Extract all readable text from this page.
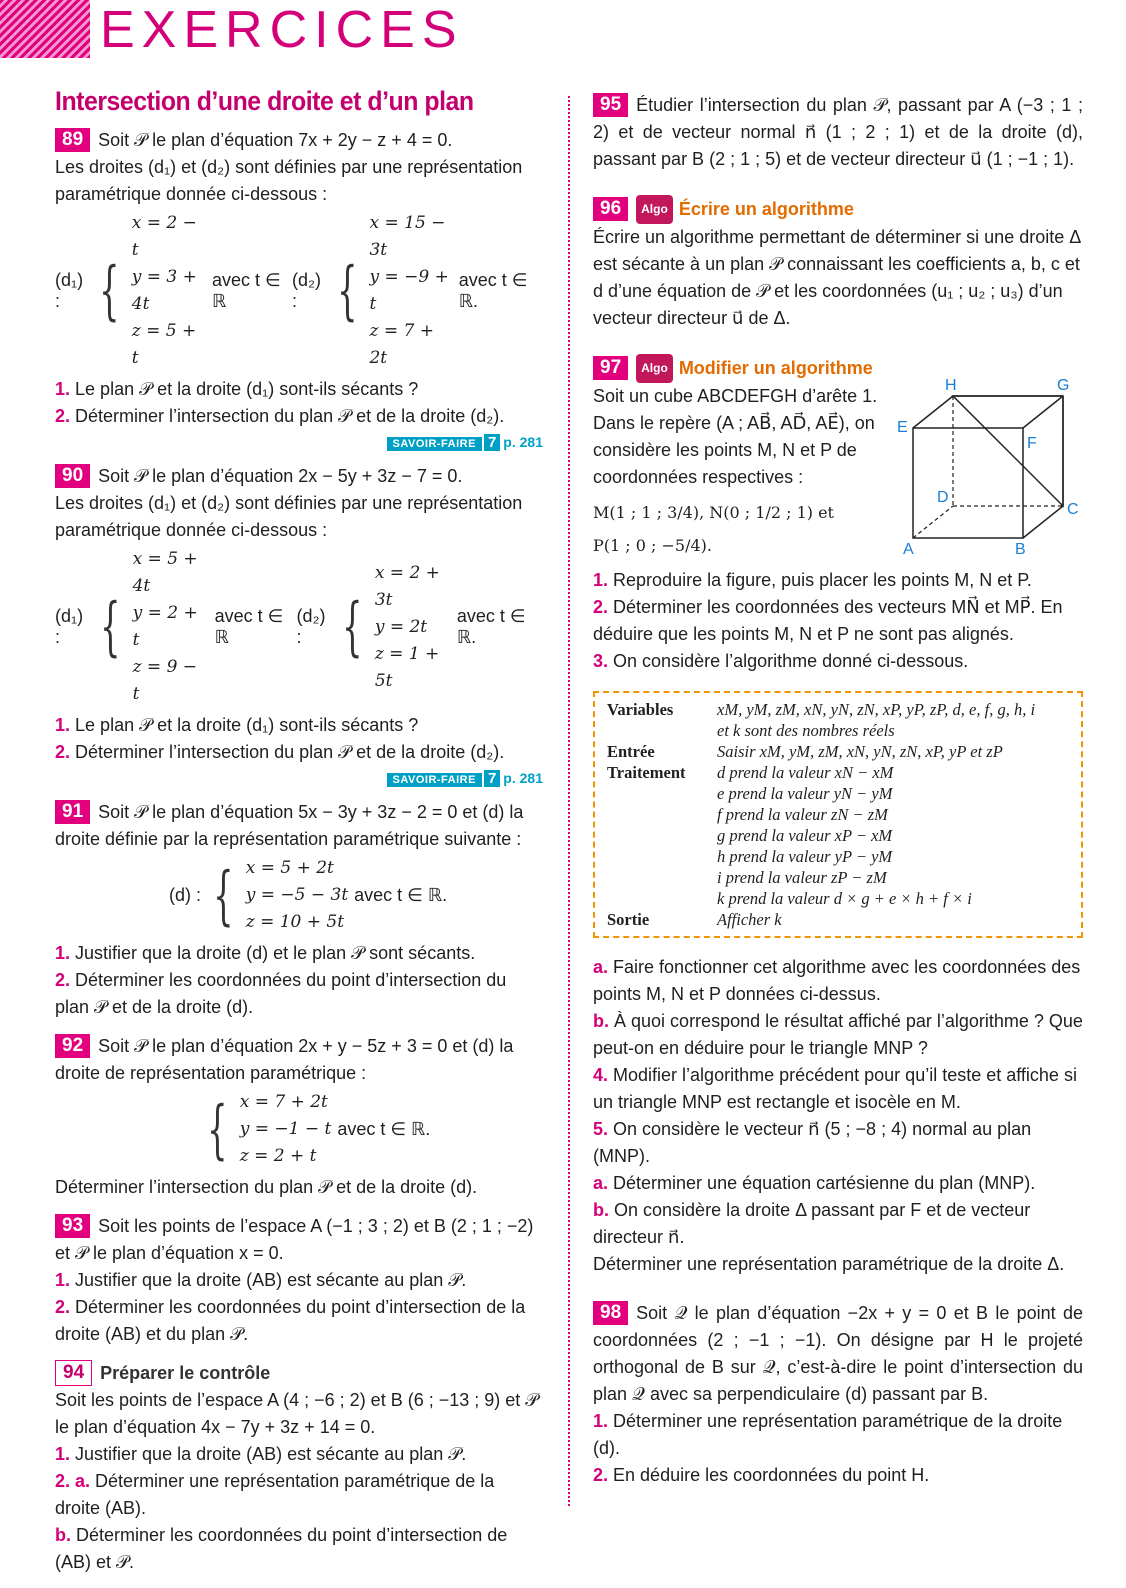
EXERCICES
Intersection d’une droite et d’un plan

89 Soit 𝒫 le plan d’équation 7x + 2y − z + 4 = 0.

Les droites (d₁) et (d₂) sont définies par une représentation paramétrique donnée ci-dessous :

(d₁) : {
x = 2 − t
y = 3 + 4t
z = 5 + t
avec t ∈ ℝ
(d₂) : {
x = 15 − 3t
y = −9 + t
z = 7 + 2t
avec t ∈ ℝ.

1. Le plan 𝒫 et la droite (d₁) sont-ils sécants ?

2. Déterminer l’intersection du plan 𝒫 et de la droite (d₂).

SAVOIR-FAIRE 7 p. 281

90 Soit 𝒫 le plan d’équation 2x − 5y + 3z − 7 = 0.

Les droites (d₁) et (d₂) sont définies par une représentation paramétrique donnée ci-dessous :

(d₁) : {
x = 5 + 4t
y = 2 + t
z = 9 − t
avec t ∈ ℝ
(d₂) : {
x = 2 + 3t
y = 2t
z = 1 + 5t
avec t ∈ ℝ.

1. Le plan 𝒫 et la droite (d₁) sont-ils sécants ?

2. Déterminer l’intersection du plan 𝒫 et de la droite (d₂).

SAVOIR-FAIRE 7 p. 281

91 Soit 𝒫 le plan d’équation 5x − 3y + 3z − 2 = 0 et (d) la droite définie par la représentation paramétrique suivante :

(d) : { x = 5 + 2t
y = −5 − 3t
z = 10 + 5t
avec t ∈ ℝ.

1. Justifier que la droite (d) et le plan 𝒫 sont sécants.

2. Déterminer les coordonnées du point d’intersection du plan 𝒫 et de la droite (d).

92 Soit 𝒫 le plan d’équation 2x + y − 5z + 3 = 0 et (d) la droite de représentation paramétrique :

{ x = 7 + 2t
y = −1 − t
z = 2 + t
avec t ∈ ℝ.

Déterminer l’intersection du plan 𝒫 et de la droite (d).

93 Soit les points de l’espace A (−1 ; 3 ; 2) et B (2 ; 1 ; −2) et 𝒫 le plan d’équation x = 0.

1. Justifier que la droite (AB) est sécante au plan 𝒫.

2. Déterminer les coordonnées du point d’intersection de la droite (AB) et du plan 𝒫.

94 Préparer le contrôle

Soit les points de l’espace A (4 ; −6 ; 2) et B (6 ; −13 ; 9) et 𝒫 le plan d’équation 4x − 7y + 3z + 14 = 0.

1. Justifier que la droite (AB) est sécante au plan 𝒫.

2. a. Déterminer une représentation paramétrique de la droite (AB).

b. Déterminer les coordonnées du point d’intersection de (AB) et 𝒫.

95 Étudier l’intersection du plan 𝒫, passant par A (−3 ; 1 ; 2) et de vecteur normal n⃗ (1 ; 2 ; 1) et de la droite (d), passant par B (2 ; 1 ; 5) et de vecteur directeur u⃗ (1 ; −1 ; 1).

96 Algo Écrire un algorithme

Écrire un algorithme permettant de déterminer si une droite Δ est sécante à un plan 𝒫 connaissant les coefficients a, b, c et d d’une équation de 𝒫 et les coordonnées (u₁ ; u₂ ; u₃) d’un vecteur directeur u⃗ de Δ.

97 Algo Modifier un algorithme

Soit un cube ABCDEFGH d’arête 1.

Dans le repère (A ; AB⃗, AD⃗, AE⃗), on considère les points M, N et P de coordonnées respectives :

M(1 ; 1 ; 3/4), N(0 ; 1/2 ; 1) et

P(1 ; 0 ; −5/4).	A	B
C
D
E
F
G
H

1. Reproduire la figure, puis placer les points M, N et P.

2. Déterminer les coordonnées des vecteurs MN⃗ et MP⃗. En déduire que les points M, N et P ne sont pas alignés.

3. On considère l’algorithme donné ci-dessous.

Variables	xM, yM, zM, xN, yN, zN, xP, yP, zP, d, e, f, g, h, i
et k sont des nombres réels
Entrée	Saisir xM, yM, zM, xN, yN, zN, xP, yP et zP
Traitement	d prend la valeur xN − xM
e prend la valeur yN − yM
f prend la valeur zN − zM
g prend la valeur xP − xM
h prend la valeur yP − yM
i prend la valeur zP − zM
k prend la valeur d × g + e × h + f × i
Sortie	Afficher k

a. Faire fonctionner cet algorithme avec les coordonnées des points M, N et P données ci-dessus.

b. À quoi correspond le résultat affiché par l’algorithme ? Que peut-on en déduire pour le triangle MNP ?

4. Modifier l’algorithme précédent pour qu’il teste et affiche si un triangle MNP est rectangle et isocèle en M.

5. On considère le vecteur n⃗ (5 ; −8 ; 4) normal au plan (MNP).

a. Déterminer une équation cartésienne du plan (MNP).

b. On considère la droite Δ passant par F et de vecteur directeur n⃗.

Déterminer une représentation paramétrique de la droite Δ.

98 Soit 𝒬 le plan d’équation −2x + y = 0 et B le point de coordonnées (2 ; −1 ; −1). On désigne par H le projeté orthogonal de B sur 𝒬, c’est-à-dire le point d’intersection du plan 𝒬 avec sa perpendiculaire (d) passant par B.

1. Déterminer une représentation paramétrique de la droite (d).

2. En déduire les coordonnées du point H.
